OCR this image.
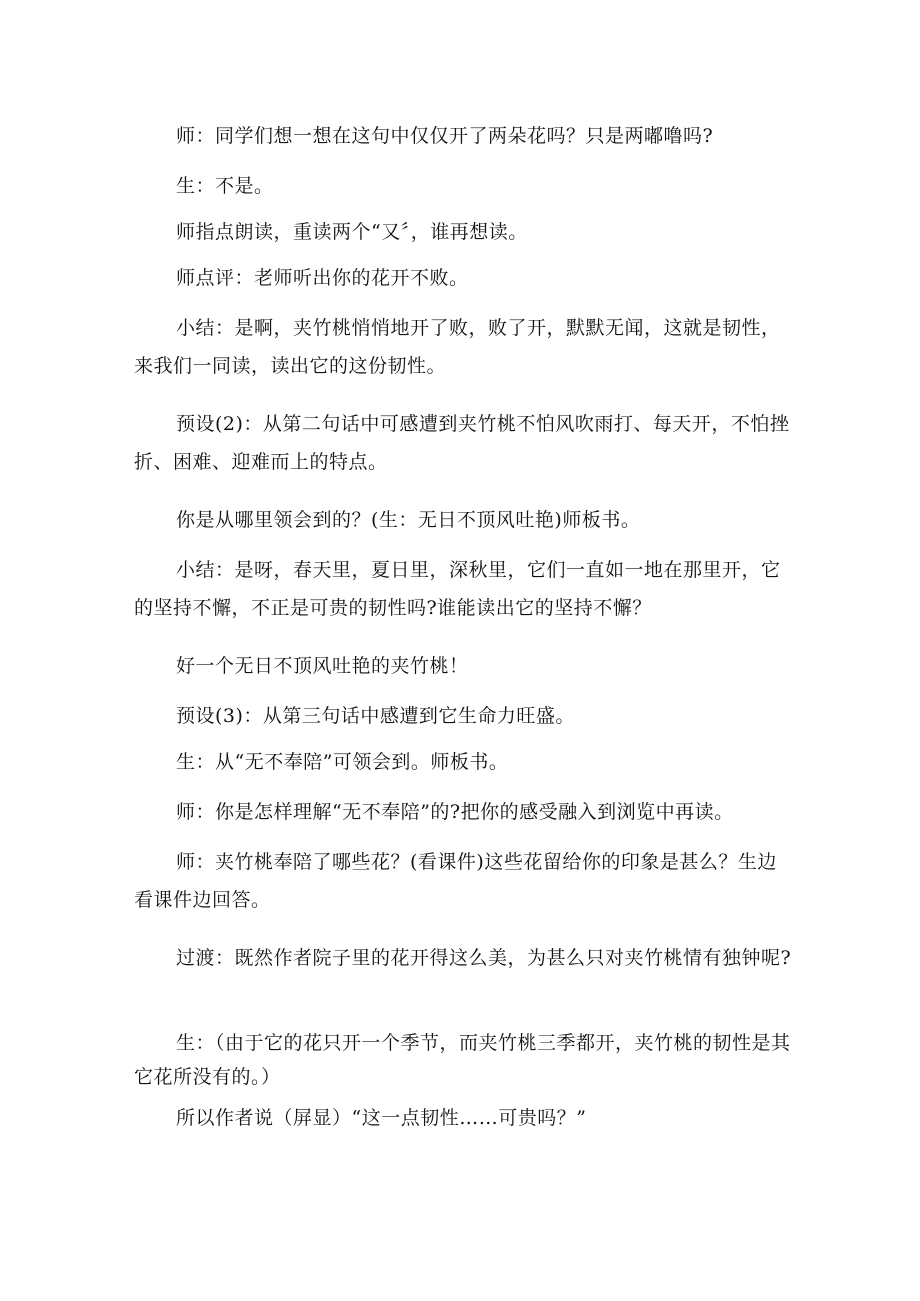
师：同学们想一想在这句中仅仅开了两朵花吗？只是两嘟噜吗?

生：不是。

师指点朗读，重读两个“又〞，谁再想读。

师点评：老师听出你的花开不败。

小结：是啊，夹竹桃悄悄地开了败，败了开，默默无闻，这就是韧性，来我们一同读，读出它的这份韧性。

预设(2)：从第二句话中可感遭到夹竹桃不怕风吹雨打、每天开，不怕挫折、困难、迎难而上的特点。

你是从哪里领会到的？(生：无日不顶风吐艳)师板书。

小结：是呀，春天里，夏日里，深秋里，它们一直如一地在那里开，它的坚持不懈，不正是可贵的韧性吗?谁能读出它的坚持不懈？

好一个无日不顶风吐艳的夹竹桃！

预设(3)：从第三句话中感遭到它生命力旺盛。

生：从“无不奉陪”可领会到。师板书。

师：你是怎样理解“无不奉陪”的?把你的感受融入到浏览中再读。

师：夹竹桃奉陪了哪些花？(看课件)这些花留给你的印象是甚么？生边看课件边回答。

过渡：既然作者院子里的花开得这么美，为甚么只对夹竹桃情有独钟呢?

生：（由于它的花只开一个季节，而夹竹桃三季都开，夹竹桃的韧性是其它花所没有的。）

所以作者说（屏显）“这一点韧性……可贵吗？”
